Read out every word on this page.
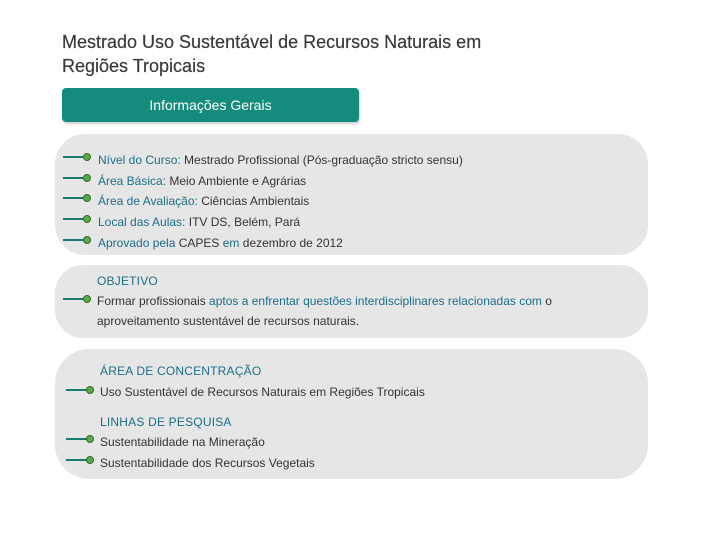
Mestrado Uso Sustentável de Recursos Naturais em
Regiões Tropicais
Informações Gerais
Nível do Curso: Mestrado Profissional (Pós-graduação stricto sensu)
Área Básica: Meio Ambiente e Agrárias
Área de Avaliação: Ciências Ambientais
Local das Aulas: ITV DS, Belém, Pará
Aprovado pela CAPES em dezembro de 2012
OBJETIVO
Formar profissionais aptos a enfrentar questões interdisciplinares relacionadas com o
aproveitamento sustentável de recursos naturais.
ÁREA DE CONCENTRAÇÃO
Uso Sustentável de Recursos Naturais em Regiões Tropicais
LINHAS DE PESQUISA
Sustentabilidade na Mineração
Sustentabilidade dos Recursos Vegetais
